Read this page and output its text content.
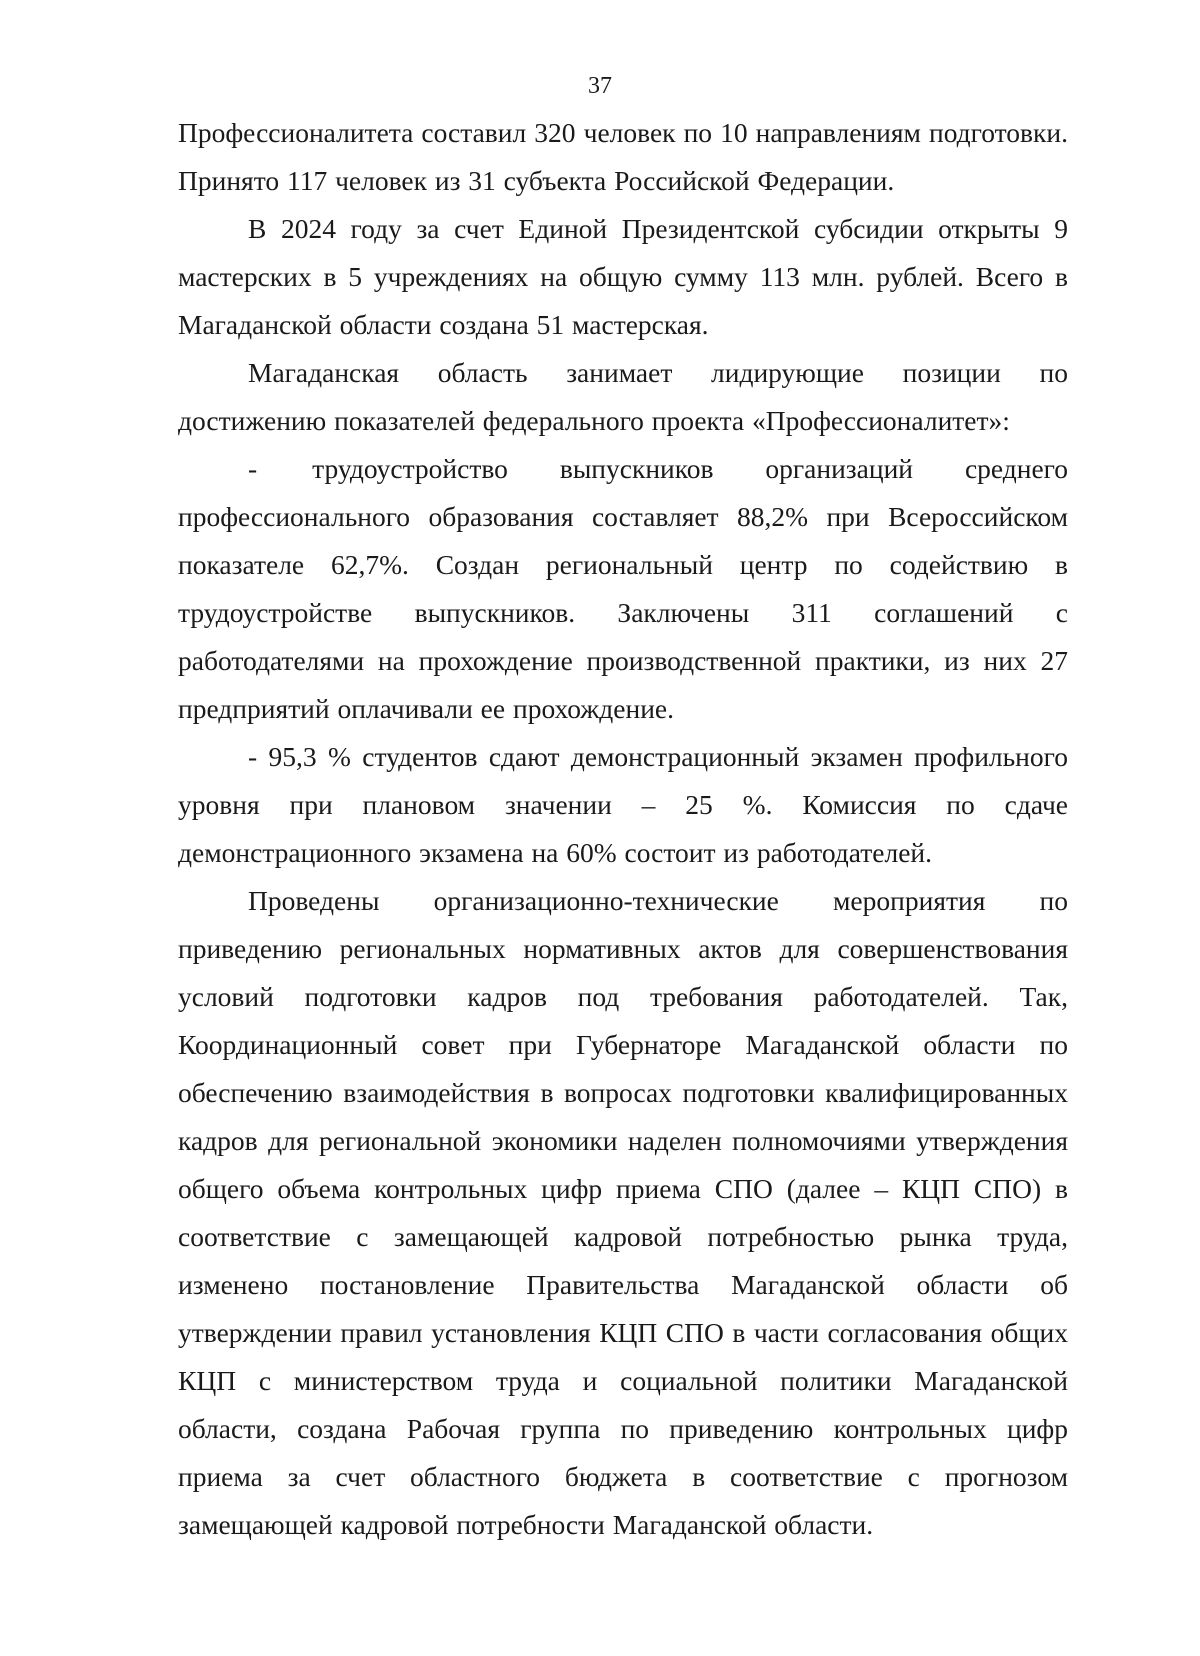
37

Профессионалитета составил 320 человек по 10 направлениям подготовки. Принято 117 человек из 31 субъекта Российской Федерации.

В 2024 году за счет Единой Президентской субсидии открыты 9 мастерских в 5 учреждениях на общую сумму 113 млн. рублей. Всего в Магаданской области создана 51 мастерская.

Магаданская область занимает лидирующие позиции по достижению показателей федерального проекта «Профессионалитет»:

-  трудоустройство выпускников организаций среднего профессионального образования составляет 88,2% при Всероссийском показателе 62,7%. Создан региональный центр по содействию в трудоустройстве выпускников. Заключены 311 соглашений с работодателями на прохождение производственной практики, из них 27 предприятий оплачивали ее прохождение.

- 95,3 % студентов сдают демонстрационный экзамен профильного уровня при плановом значении – 25 %. Комиссия по сдаче демонстрационного экзамена на 60% состоит из работодателей.

Проведены организационно-технические мероприятия по приведению региональных нормативных актов для совершенствования условий подготовки кадров под требования работодателей. Так, Координационный совет при Губернаторе Магаданской области по обеспечению взаимодействия в вопросах подготовки квалифицированных кадров для региональной экономики наделен полномочиями утверждения общего объема контрольных цифр приема СПО (далее – КЦП СПО) в соответствие с замещающей кадровой потребностью рынка труда, изменено постановление Правительства Магаданской области об утверждении правил установления КЦП СПО в части согласования общих КЦП с министерством труда и социальной политики Магаданской области, создана Рабочая группа по приведению контрольных цифр приема за счет областного бюджета в соответствие с прогнозом замещающей кадровой потребности Магаданской области.
